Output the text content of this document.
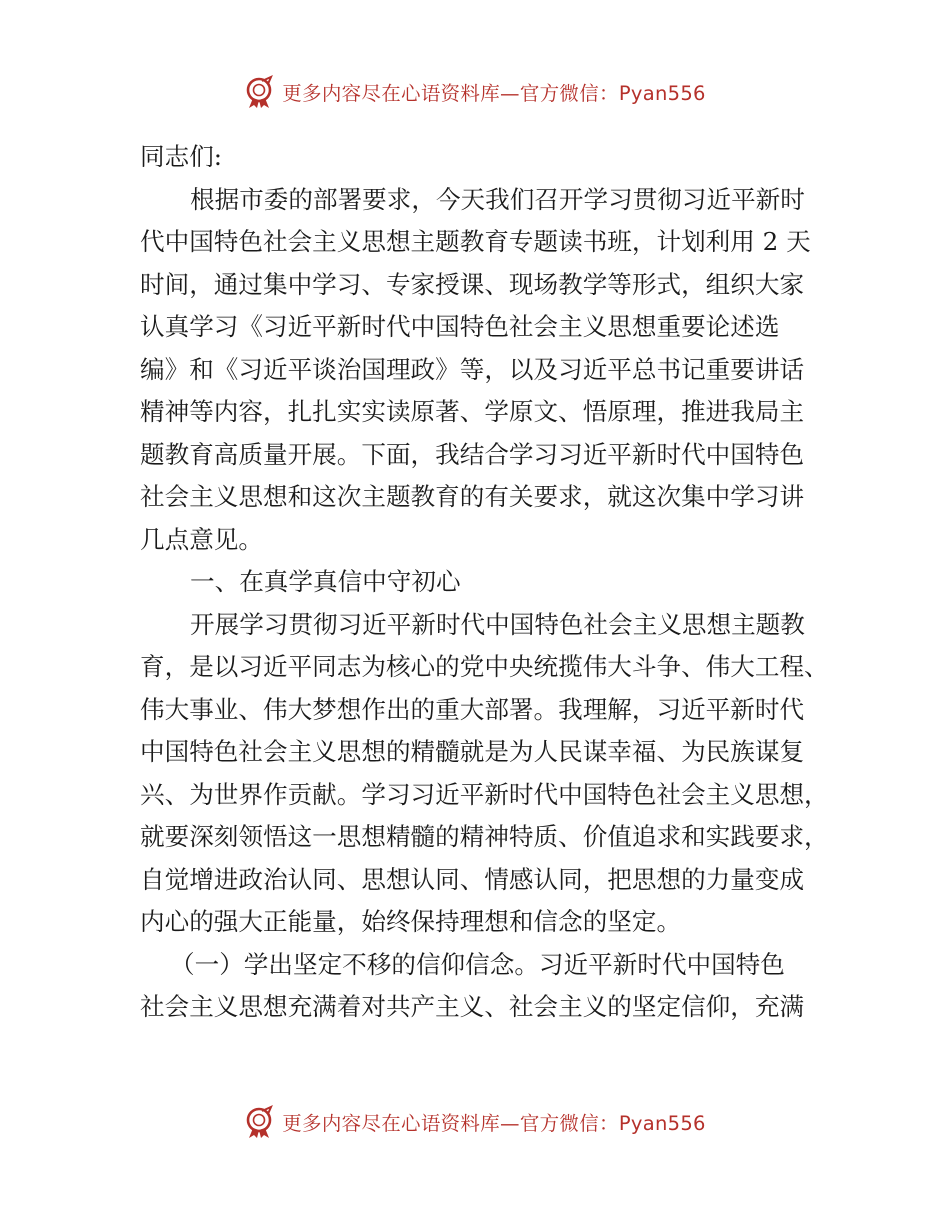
更多内容尽在心语资料库—官方微信：Pyan556
同志们:
根据市委的部署要求，今天我们召开学习贯彻习近平新时
代中国特色社会主义思想主题教育专题读书班，计划利用 2 天
时间，通过集中学习、专家授课、现场教学等形式，组织大家
认真学习《习近平新时代中国特色社会主义思想重要论述选
编》和《习近平谈治国理政》等，以及习近平总书记重要讲话
精神等内容，扎扎实实读原著、学原文、悟原理，推进我局主
题教育高质量开展。下面，我结合学习习近平新时代中国特色
社会主义思想和这次主题教育的有关要求，就这次集中学习讲
几点意见。
一、在真学真信中守初心
开展学习贯彻习近平新时代中国特色社会主义思想主题教
育，是以习近平同志为核心的党中央统揽伟大斗争、伟大工程、
伟大事业、伟大梦想作出的重大部署。我理解，习近平新时代
中国特色社会主义思想的精髓就是为人民谋幸福、为民族谋复
兴、为世界作贡献。学习习近平新时代中国特色社会主义思想，
就要深刻领悟这一思想精髓的精神特质、价值追求和实践要求，
自觉增进政治认同、思想认同、情感认同，把思想的力量变成
内心的强大正能量，始终保持理想和信念的坚定。
（一）学出坚定不移的信仰信念。习近平新时代中国特色
社会主义思想充满着对共产主义、社会主义的坚定信仰，充满
更多内容尽在心语资料库—官方微信：Pyan556
